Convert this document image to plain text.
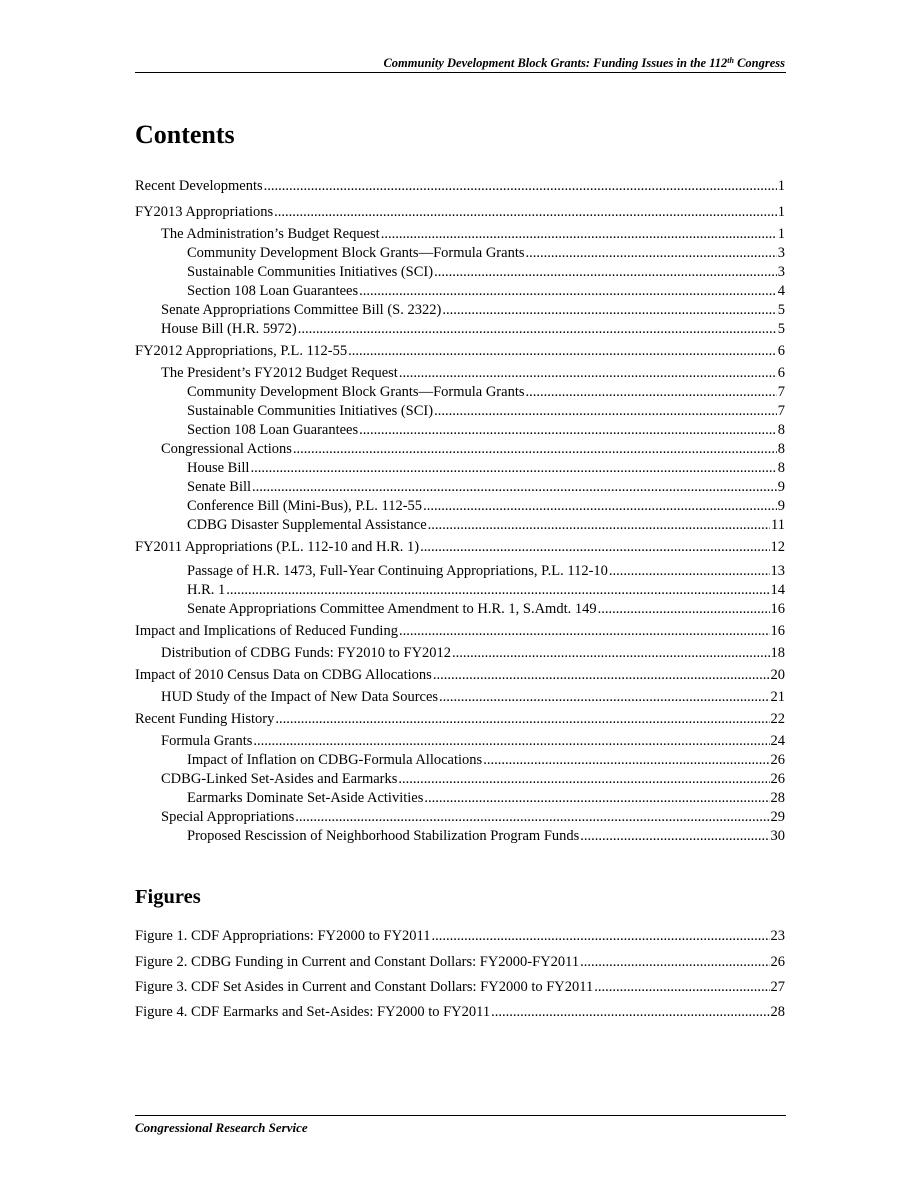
Community Development Block Grants: Funding Issues in the 112th Congress
Contents
Recent Developments .....	1
FY2013 Appropriations .....	1
The Administration’s Budget Request .....	1
Community Development Block Grants—Formula Grants .....	3
Sustainable Communities Initiatives (SCI) .....	3
Section 108 Loan Guarantees .....	4
Senate Appropriations Committee Bill (S. 2322) .....	5
House Bill (H.R. 5972) .....	5
FY2012 Appropriations, P.L. 112-55 .....	6
The President’s FY2012 Budget Request .....	6
Community Development Block Grants—Formula Grants .....	7
Sustainable Communities Initiatives (SCI) .....	7
Section 108 Loan Guarantees .....	8
Congressional Actions .....	8
House Bill .....	8
Senate Bill .....	9
Conference Bill (Mini-Bus), P.L. 112-55 .....	9
CDBG Disaster Supplemental Assistance .....	11
FY2011 Appropriations (P.L. 112-10 and H.R. 1) .....	12
Passage of H.R. 1473, Full-Year Continuing Appropriations, P.L. 112-10 .....	13
H.R. 1 .....	14
Senate Appropriations Committee Amendment to H.R. 1, S.Amdt. 149 .....	16
Impact and Implications of Reduced Funding .....	16
Distribution of CDBG Funds: FY2010 to FY2012 .....	18
Impact of 2010 Census Data on CDBG Allocations .....	20
HUD Study of the Impact of New Data Sources .....	21
Recent Funding History .....	22
Formula Grants .....	24
Impact of Inflation on CDBG-Formula Allocations .....	26
CDBG-Linked Set-Asides and Earmarks .....	26
Earmarks Dominate Set-Aside Activities .....	28
Special Appropriations .....	29
Proposed Rescission of Neighborhood Stabilization Program Funds .....	30
Figures
Figure 1. CDF Appropriations: FY2000 to FY2011 .....	23
Figure 2. CDBG Funding in Current and Constant Dollars: FY2000-FY2011 .....	26
Figure 3. CDF Set Asides in Current and Constant Dollars: FY2000 to FY2011 .....	27
Figure 4. CDF Earmarks and Set-Asides: FY2000 to FY2011 .....	28
Congressional Research Service
